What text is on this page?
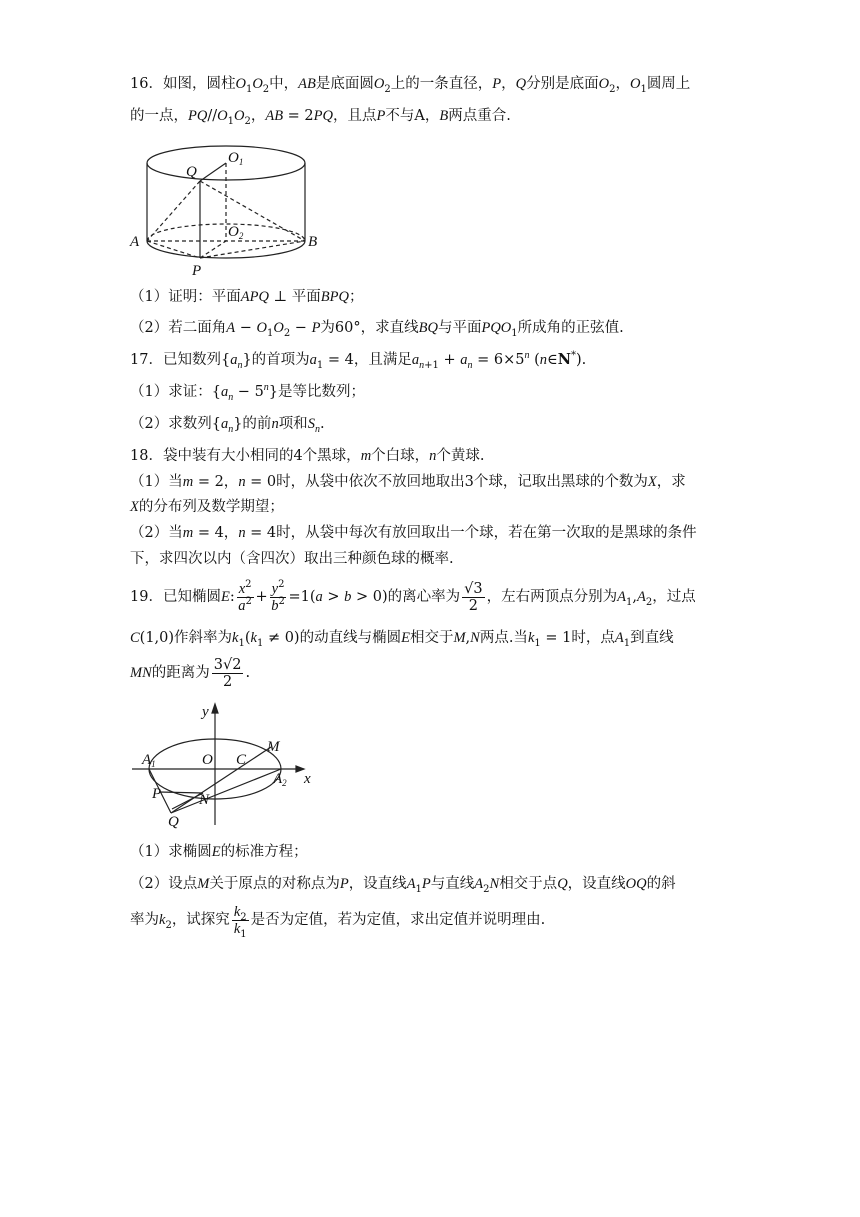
16．如图，圆柱$O_1O_2$中，AB是底面圆$O_2$上的一条直径，P，Q分别是底面$O_2$，$O_1$圆周上
的一点，$PQ//O_1O_2$，AB = 2PQ，且点P不与A，B两点重合.
Q
$O_1$
$O_2$
A	B
P
（1）证明：平面APQ ⊥ 平面BPQ；
（2）若二面角$A - O_1O_2 - P$为60°，求直线BQ与平面$PQO_1$所成角的正弦值.
17．已知数列$\{a_n\}$的首项为$a_1 = 4$，且满足$a_{n+1} + a_n = 6\times 5^n$ (n∈N*).
（1）求证：$\{a_n - 5^n\}$是等比数列；
（2）求数列$\{a_n\}$的前n项和$S_n$.
18．袋中装有大小相同的4个黑球，m个白球，n个黄球.
（1）当m = 2，n = 0时，从袋中依次不放回地取出3个球，记取出黑球的个数为X，求
X的分布列及数学期望；
（2）当m = 4，n = 4时，从袋中每次有放回取出一个球，若在第一次取的是黑球的条件
下，求四次以内（含四次）取出三种颜色球的概率.
19．已知椭圆E: $\frac{x^2}{a^2} + \frac{y^2}{b^2} =1(a > b > 0)$的离心率为 $\frac{√3}{2}$ ，左右两顶点分别为$A_1,A_2$，过点
C(1,0)作斜率为$k_1(k_1 \ne 0)$的动直线与椭圆E相交于M,N两点.当$k_1 = 1$时，点$A_1$到直线
MN的距离为 $\frac{3√2}{2}$ .
y
x
$A_1$
$A_2$
O C
M
P	N
Q
（1）求椭圆E的标准方程；
（2）设点M关于原点的对称点为P，设直线$A_1P$与直线$A_2N$相交于点Q，设直线OQ的斜
率为$k_2$，试探究 $\frac{k_2}{k_1}$ 是否为定值，若为定值，求出定值并说明理由.
